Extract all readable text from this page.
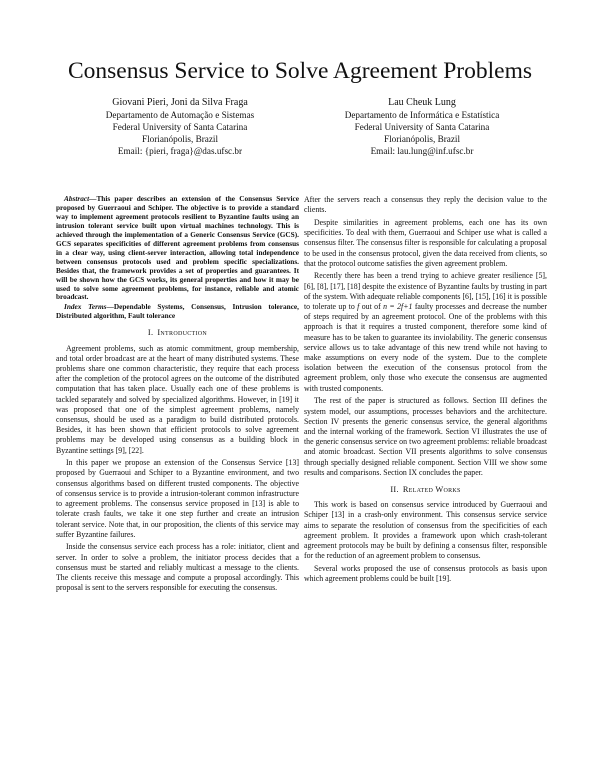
Consensus Service to Solve Agreement Problems
Giovani Pieri, Joni da Silva Fraga
Departamento de Automação e Sistemas
Federal University of Santa Catarina
Florianópolis, Brazil
Email: {pieri, fraga}@das.ufsc.br
Lau Cheuk Lung
Departamento de Informática e Estatística
Federal University of Santa Catarina
Florianópolis, Brazil
Email: lau.lung@inf.ufsc.br
Abstract—This paper describes an extension of the Consensus Service proposed by Guerraoui and Schiper. The objective is to provide a standard way to implement agreement protocols resilient to Byzantine faults using an intrusion tolerant service built upon virtual machines technology. This is achieved through the implementation of a Generic Consensus Service (GCS). GCS separates specificities of different agreement problems from consensus in a clear way, using client-server interaction, allowing total independence between consensus protocols used and problem specific specializations. Besides that, the framework provides a set of properties and guarantees. It will be shown how the GCS works, its general properties and how it may be used to solve some agreement problems, for instance, reliable and atomic broadcast.
Index Terms—Dependable Systems, Consensus, Intrusion tolerance, Distributed algorithm, Fault tolerance
I. Introduction

Agreement problems, such as atomic commitment, group membership, and total order broadcast are at the heart of many distributed systems. These problems share one common characteristic, they require that each process after the completion of the protocol agrees on the outcome of the distributed computation that has taken place. Usually each one of these problems is tackled separately and solved by specialized algorithms. However, in [19] it was proposed that one of the simplest agreement problems, namely consensus, should be used as a paradigm to build distributed protocols. Besides, it has been shown that efficient protocols to solve agreement problems may be developed using consensus as a building block in Byzantine settings [9], [22].

In this paper we propose an extension of the Consensus Service [13] proposed by Guerraoui and Schiper to a Byzantine environment, and two consensus algorithms based on different trusted components. The objective of consensus service is to provide a intrusion-tolerant common infrastructure to agreement problems. The consensus service proposed in [13] is able to tolerate crash faults, we take it one step further and create an intrusion tolerant service. Note that, in our proposition, the clients of this service may suffer Byzantine failures.

Inside the consensus service each process has a role: initiator, client and server. In order to solve a problem, the initiator process decides that a consensus must be started and reliably multicast a message to the clients. The clients receive this message and compute a proposal accordingly. This proposal is sent to the servers responsible for executing the consensus.

After the servers reach a consensus they reply the decision value to the clients.

Despite similarities in agreement problems, each one has its own specificities. To deal with them, Guerraoui and Schiper use what is called a consensus filter. The consensus filter is responsible for calculating a proposal to be used in the consensus protocol, given the data received from clients, so that the protocol outcome satisfies the given agreement problem.

Recently there has been a trend trying to achieve greater resilience [5], [6], [8], [17], [18] despite the existence of Byzantine faults by trusting in part of the system. With adequate reliable components [6], [15], [16] it is possible to tolerate up to f out of n = 2f+1 faulty processes and decrease the number of steps required by an agreement protocol. One of the problems with this approach is that it requires a trusted component, therefore some kind of measure has to be taken to guarantee its inviolability. The generic consensus service allows us to take advantage of this new trend while not having to make assumptions on every node of the system. Due to the complete isolation between the execution of the consensus protocol from the agreement problem, only those who execute the consensus are augmented with trusted components.

The rest of the paper is structured as follows. Section III defines the system model, our assumptions, processes behaviors and the architecture. Section IV presents the generic consensus service, the general algorithms and the internal working of the framework. Section VI illustrates the use of the generic consensus service on two agreement problems: reliable broadcast and atomic broadcast. Section VII presents algorithms to solve consensus through specially designed reliable component. Section VIII we show some results and comparisons. Section IX concludes the paper.

II. Related Works

This work is based on consensus service introduced by Guerraoui and Schiper [13] in a crash-only environment. This consensus service service aims to separate the resolution of consensus from the specificities of each agreement problem. It provides a framework upon which crash-tolerant agreement protocols may be built by defining a consensus filter, responsible for the reduction of an agreement problem to consensus.

Several works proposed the use of consensus protocols as basis upon which agreement problems could be built [19].
